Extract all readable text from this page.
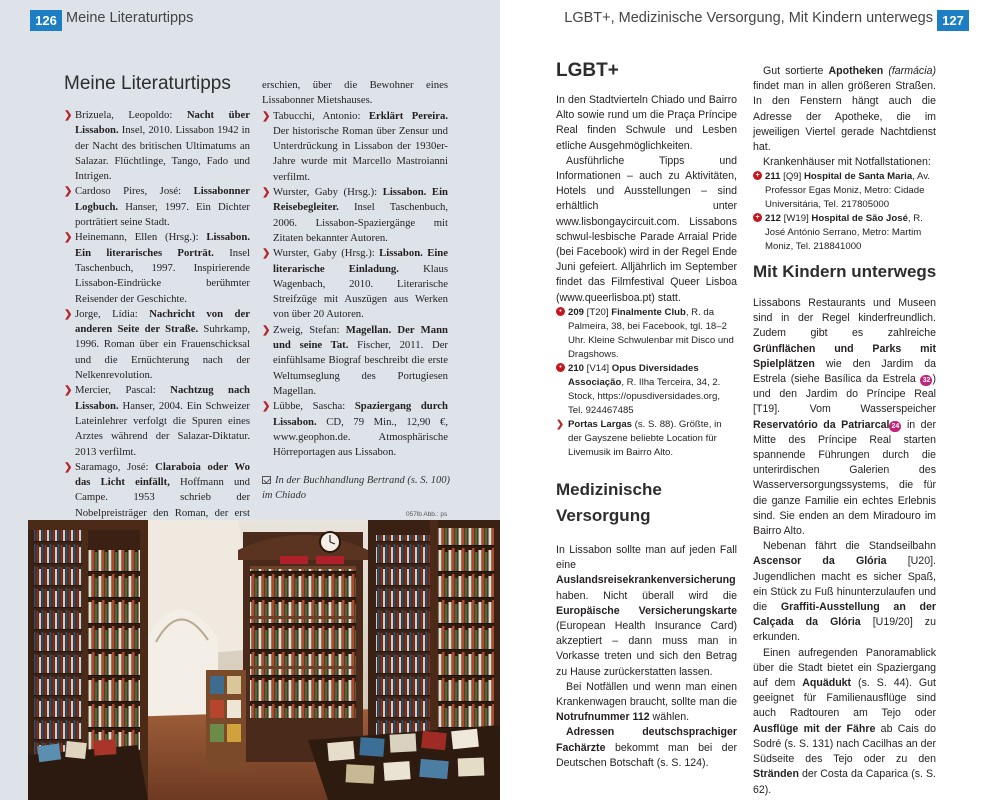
126 Meine Literaturtipps
Meine Literaturtipps
❯ Brizuela, Leopoldo: Nacht über Lissabon. Insel, 2010. Lissabon 1942 in der Nacht des britischen Ultimatums an Salazar. Flüchtlinge, Tango, Fado und Intrigen.
❯ Cardoso Pires, José: Lissabonner Logbuch. Hanser, 1997. Ein Dichter porträtiert seine Stadt.
❯ Heinemann, Ellen (Hrsg.): Lissabon. Ein literarisches Porträt. Insel Taschenbuch, 1997. Inspirierende Lissabon-Eindrücke berühmter Reisender der Geschichte.
❯ Jorge, Lídia: Nachricht von der anderen Seite der Straße. Suhrkamp, 1996. Roman über ein Frauenschicksal und die Ernüchterung nach der Nelkenrevolution.
❯ Mercier, Pascal: Nachtzug nach Lissabon. Hanser, 2004. Ein Schweizer Lateinlehrer verfolgt die Spuren eines Arztes während der Salazar-Diktatur. 2013 verfilmt.
❯ Saramago, José: Claraboia oder Wo das Licht einfällt, Hoffmann und Campe. 1953 schrieb der Nobelpreisträger den Roman, der erst
erschien, über die Bewohner eines Lissabonner Mietshauses.
❯ Tabucchi, Antonio: Erklärt Pereira. Der historische Roman über Zensur und Unterdrückung in Lissabon der 1930er-Jahre wurde mit Marcello Mastroianni verfilmt.
❯ Wurster, Gaby (Hrsg.): Lissabon. Ein Reisebegleiter. Insel Taschenbuch, 2006. Lissabon-Spaziergänge mit Zitaten bekannter Autoren.
❯ Wurster, Gaby (Hrsg.): Lissabon. Eine literarische Einladung. Klaus Wagenbach, 2010. Literarische Streifzüge mit Auszügen aus Werken von über 20 Autoren.
❯ Zweig, Stefan: Magellan. Der Mann und seine Tat. Fischer, 2011. Der einfühlsame Biograf beschreibt die erste Weltumseglung des Portugiesen Magellan.
❯ Lübbe, Sascha: Spaziergang durch Lissabon. CD, 79 Min., 12,90 €, www.geophon.de. Atmosphärische Hörreportagen aus Lissabon.
In der Buchhandlung Bertrand (s. S. 100) im Chiado
057lb Abb.: ps
LGBT+, Medizinische Versorgung, Mit Kindern unterwegs 127
LGBT+

In den Stadtvierteln Chiado und Bairro Alto sowie rund um die Praça Príncipe Real finden Schwule und Lesben etliche Ausgehmöglichkeiten.

Ausführliche Tipps und Informationen – auch zu Aktivitäten, Hotels und Ausstellungen – sind erhältlich unter www.lisbongaycircuit.com. Lissabons schwul-lesbische Parade Arraial Pride (bei Facebook) wird in der Regel Ende Juni gefeiert. Alljährlich im September findet das Filmfestival Queer Lisboa (www.queerlisboa.pt) statt.

• 209 [T20] Finalmente Club, R. da Palmeira, 38, bei Facebook, tgl. 18–2 Uhr. Kleine Schwulenbar mit Disco und Dragshows.
• 210 [V14] Opus Diversidades Associação, R. Ilha Terceira, 34, 2. Stock, https://opusdiversidades.org, Tel. 924467485
❯ Portas Largas (s. S. 88). Größte, in der Gayszene beliebte Location für Livemusik im Bairro Alto.
Medizinische
Versorgung

In Lissabon sollte man auf jeden Fall eine Auslandsreisekrankenversicherung haben. Nicht überall wird die Europäische Versicherungskarte (European Health Insurance Card) akzeptiert – dann muss man in Vorkasse treten und sich den Betrag zu Hause zurückerstatten lassen.

Bei Notfällen und wenn man einen Krankenwagen braucht, sollte man die Notrufnummer 112 wählen.

Adressen deutschsprachiger Fachärzte bekommt man bei der Deutschen Botschaft (s. S. 124).

Gut sortierte Apotheken (farmácia) findet man in allen größeren Straßen. In den Fenstern hängt auch die Adresse der Apotheke, die im jeweiligen Viertel gerade Nachtdienst hat.

Krankenhäuser mit Notfallstationen:

+ 211 [Q9] Hospital de Santa Maria, Av. Professor Egas Moniz, Metro: Cidade Universitária, Tel. 217805000
+ 212 [W19] Hospital de São José, R. José António Serrano, Metro: Martim Moniz, Tel. 218841000
Mit Kindern unterwegs

Lissabons Restaurants und Museen sind in der Regel kinderfreundlich. Zudem gibt es zahlreiche Grünflächen und Parks mit Spielplätzen wie den Jardim da Estrela (siehe Basílica da Estrela 32 ) und den Jardim do Príncipe Real [T19]. Vom Wasserspeicher Reservatório da Patriarcal 24 in der Mitte des Príncipe Real starten spannende Führungen durch die unterirdischen Galerien des Wasserversorgungssystems, die für die ganze Familie ein echtes Erlebnis sind. Sie enden an dem Miradouro im Bairro Alto.

Nebenan fährt die Standseilbahn Ascensor da Glória [U20]. Jugendlichen macht es sicher Spaß, ein Stück zu Fuß hinunterzulaufen und die Graffiti-Ausstellung an der Calçada da Glória [U19/20] zu erkunden.

Einen aufregenden Panoramablick über die Stadt bietet ein Spaziergang auf dem Aquädukt (s. S. 44). Gut geeignet für Familienausflüge sind auch Radtouren am Tejo oder Ausflüge mit der Fähre ab Cais do Sodré (s. S. 131) nach Cacilhas an der Südseite des Tejo oder zu den Stränden der Costa da Caparica (s. S. 62).
